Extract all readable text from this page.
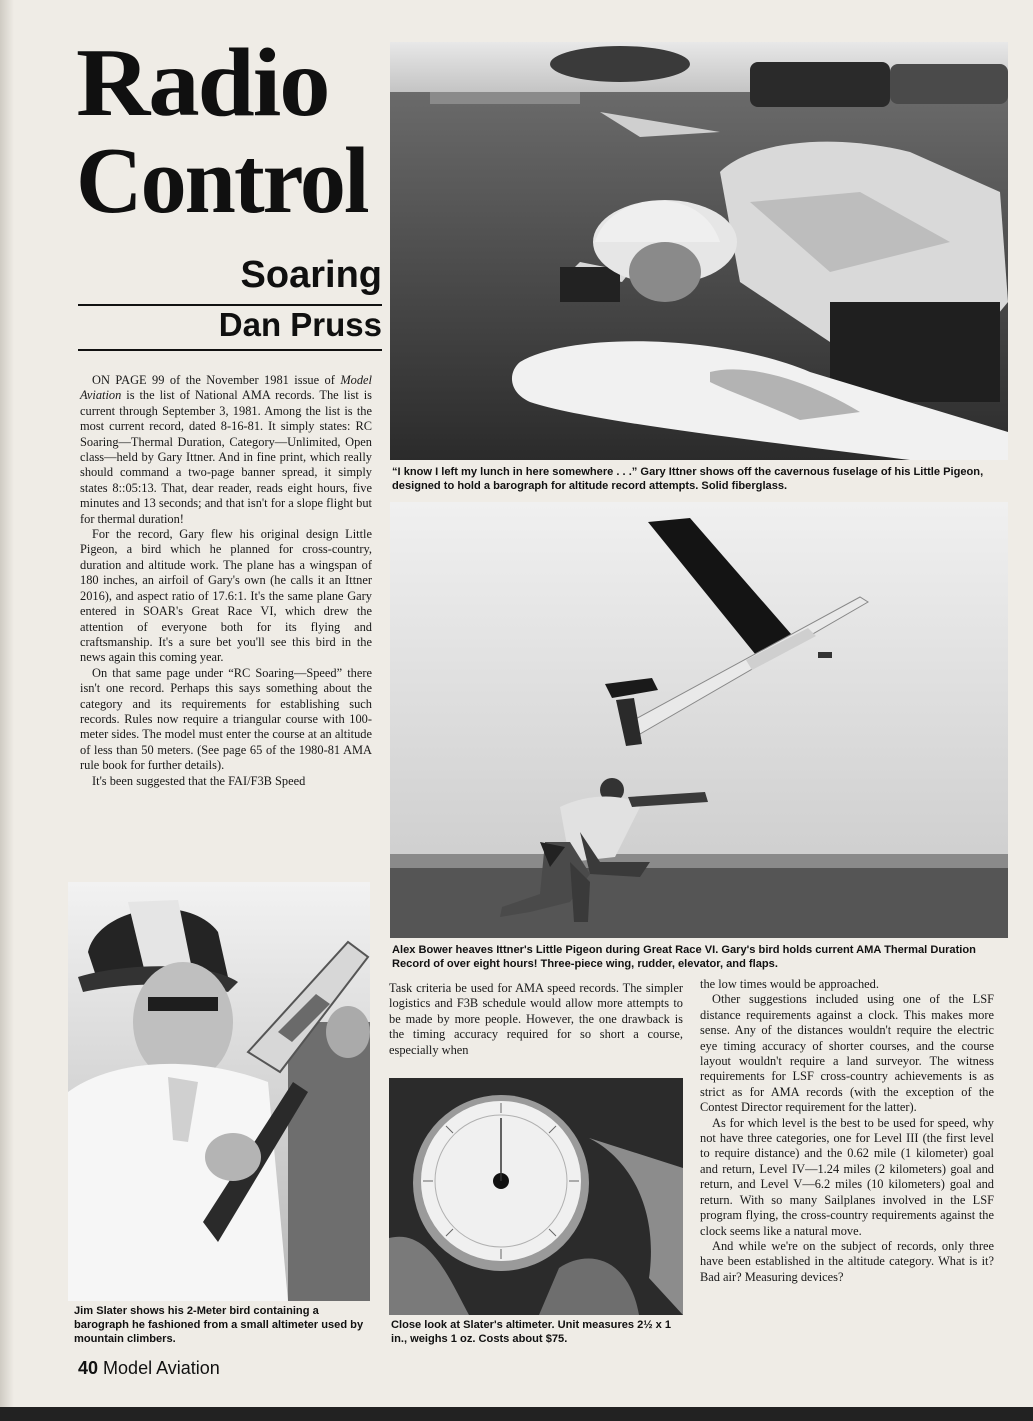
Radio
Control
Soaring
Dan Pruss

ON PAGE 99 of the November 1981 issue of Model Aviation is the list of National AMA records. The list is current through September 3, 1981. Among the list is the most current record, dated 8-16-81. It simply states: RC Soaring—Thermal Duration, Category—Unlimited, Open class—held by Gary Ittner. And in fine print, which really should command a two-page banner spread, it simply states 8::05:13. That, dear reader, reads eight hours, five minutes and 13 seconds; and that isn't for a slope flight but for thermal duration!

For the record, Gary flew his original design Little Pigeon, a bird which he planned for cross-country, duration and altitude work. The plane has a wingspan of 180 inches, an airfoil of Gary's own (he calls it an Ittner 2016), and aspect ratio of 17.6:1. It's the same plane Gary entered in SOAR's Great Race VI, which drew the attention of everyone both for its flying and craftsmanship. It's a sure bet you'll see this bird in the news again this coming year.

On that same page under “RC Soaring—Speed” there isn't one record. Perhaps this says something about the category and its requirements for establishing such records. Rules now require a triangular course with 100-meter sides. The model must enter the course at an altitude of less than 50 meters. (See page 65 of the 1980-81 AMA rule book for further details).

It's been suggested that the FAI/F3B Speed

“I know I left my lunch in here somewhere . . .” Gary Ittner shows off the cavernous fuselage of his Little Pigeon, designed to hold a barograph for altitude record attempts. Solid fiberglass.
Alex Bower heaves Ittner's Little Pigeon during Great Race VI. Gary's bird holds current AMA Thermal Duration Record of over eight hours! Three-piece wing, rudder, elevator, and flaps.
Jim Slater shows his 2-Meter bird containing a barograph he fashioned from a small altimeter used by mountain climbers.

Task criteria be used for AMA speed records. The simpler logistics and F3B schedule would allow more attempts to be made by more people. However, the one drawback is the timing accuracy required for so short a course, especially when

Close look at Slater's altimeter. Unit measures 2½ x 1 in., weighs 1 oz. Costs about $75.

the low times would be approached.

Other suggestions included using one of the LSF distance requirements against a clock. This makes more sense. Any of the distances wouldn't require the electric eye timing accuracy of shorter courses, and the course layout wouldn't require a land surveyor. The witness requirements for LSF cross-country achievements is as strict as for AMA records (with the exception of the Contest Director requirement for the latter).

As for which level is the best to be used for speed, why not have three categories, one for Level III (the first level to require distance) and the 0.62 mile (1 kilometer) goal and return, Level IV—1.24 miles (2 kilometers) goal and return, and Level V—6.2 miles (10 kilometers) goal and return. With so many Sailplanes involved in the LSF program flying, the cross-country requirements against the clock seems like a natural move.

And while we're on the subject of records, only three have been established in the altitude category. What is it? Bad air? Measuring devices?

40 Model Aviation
